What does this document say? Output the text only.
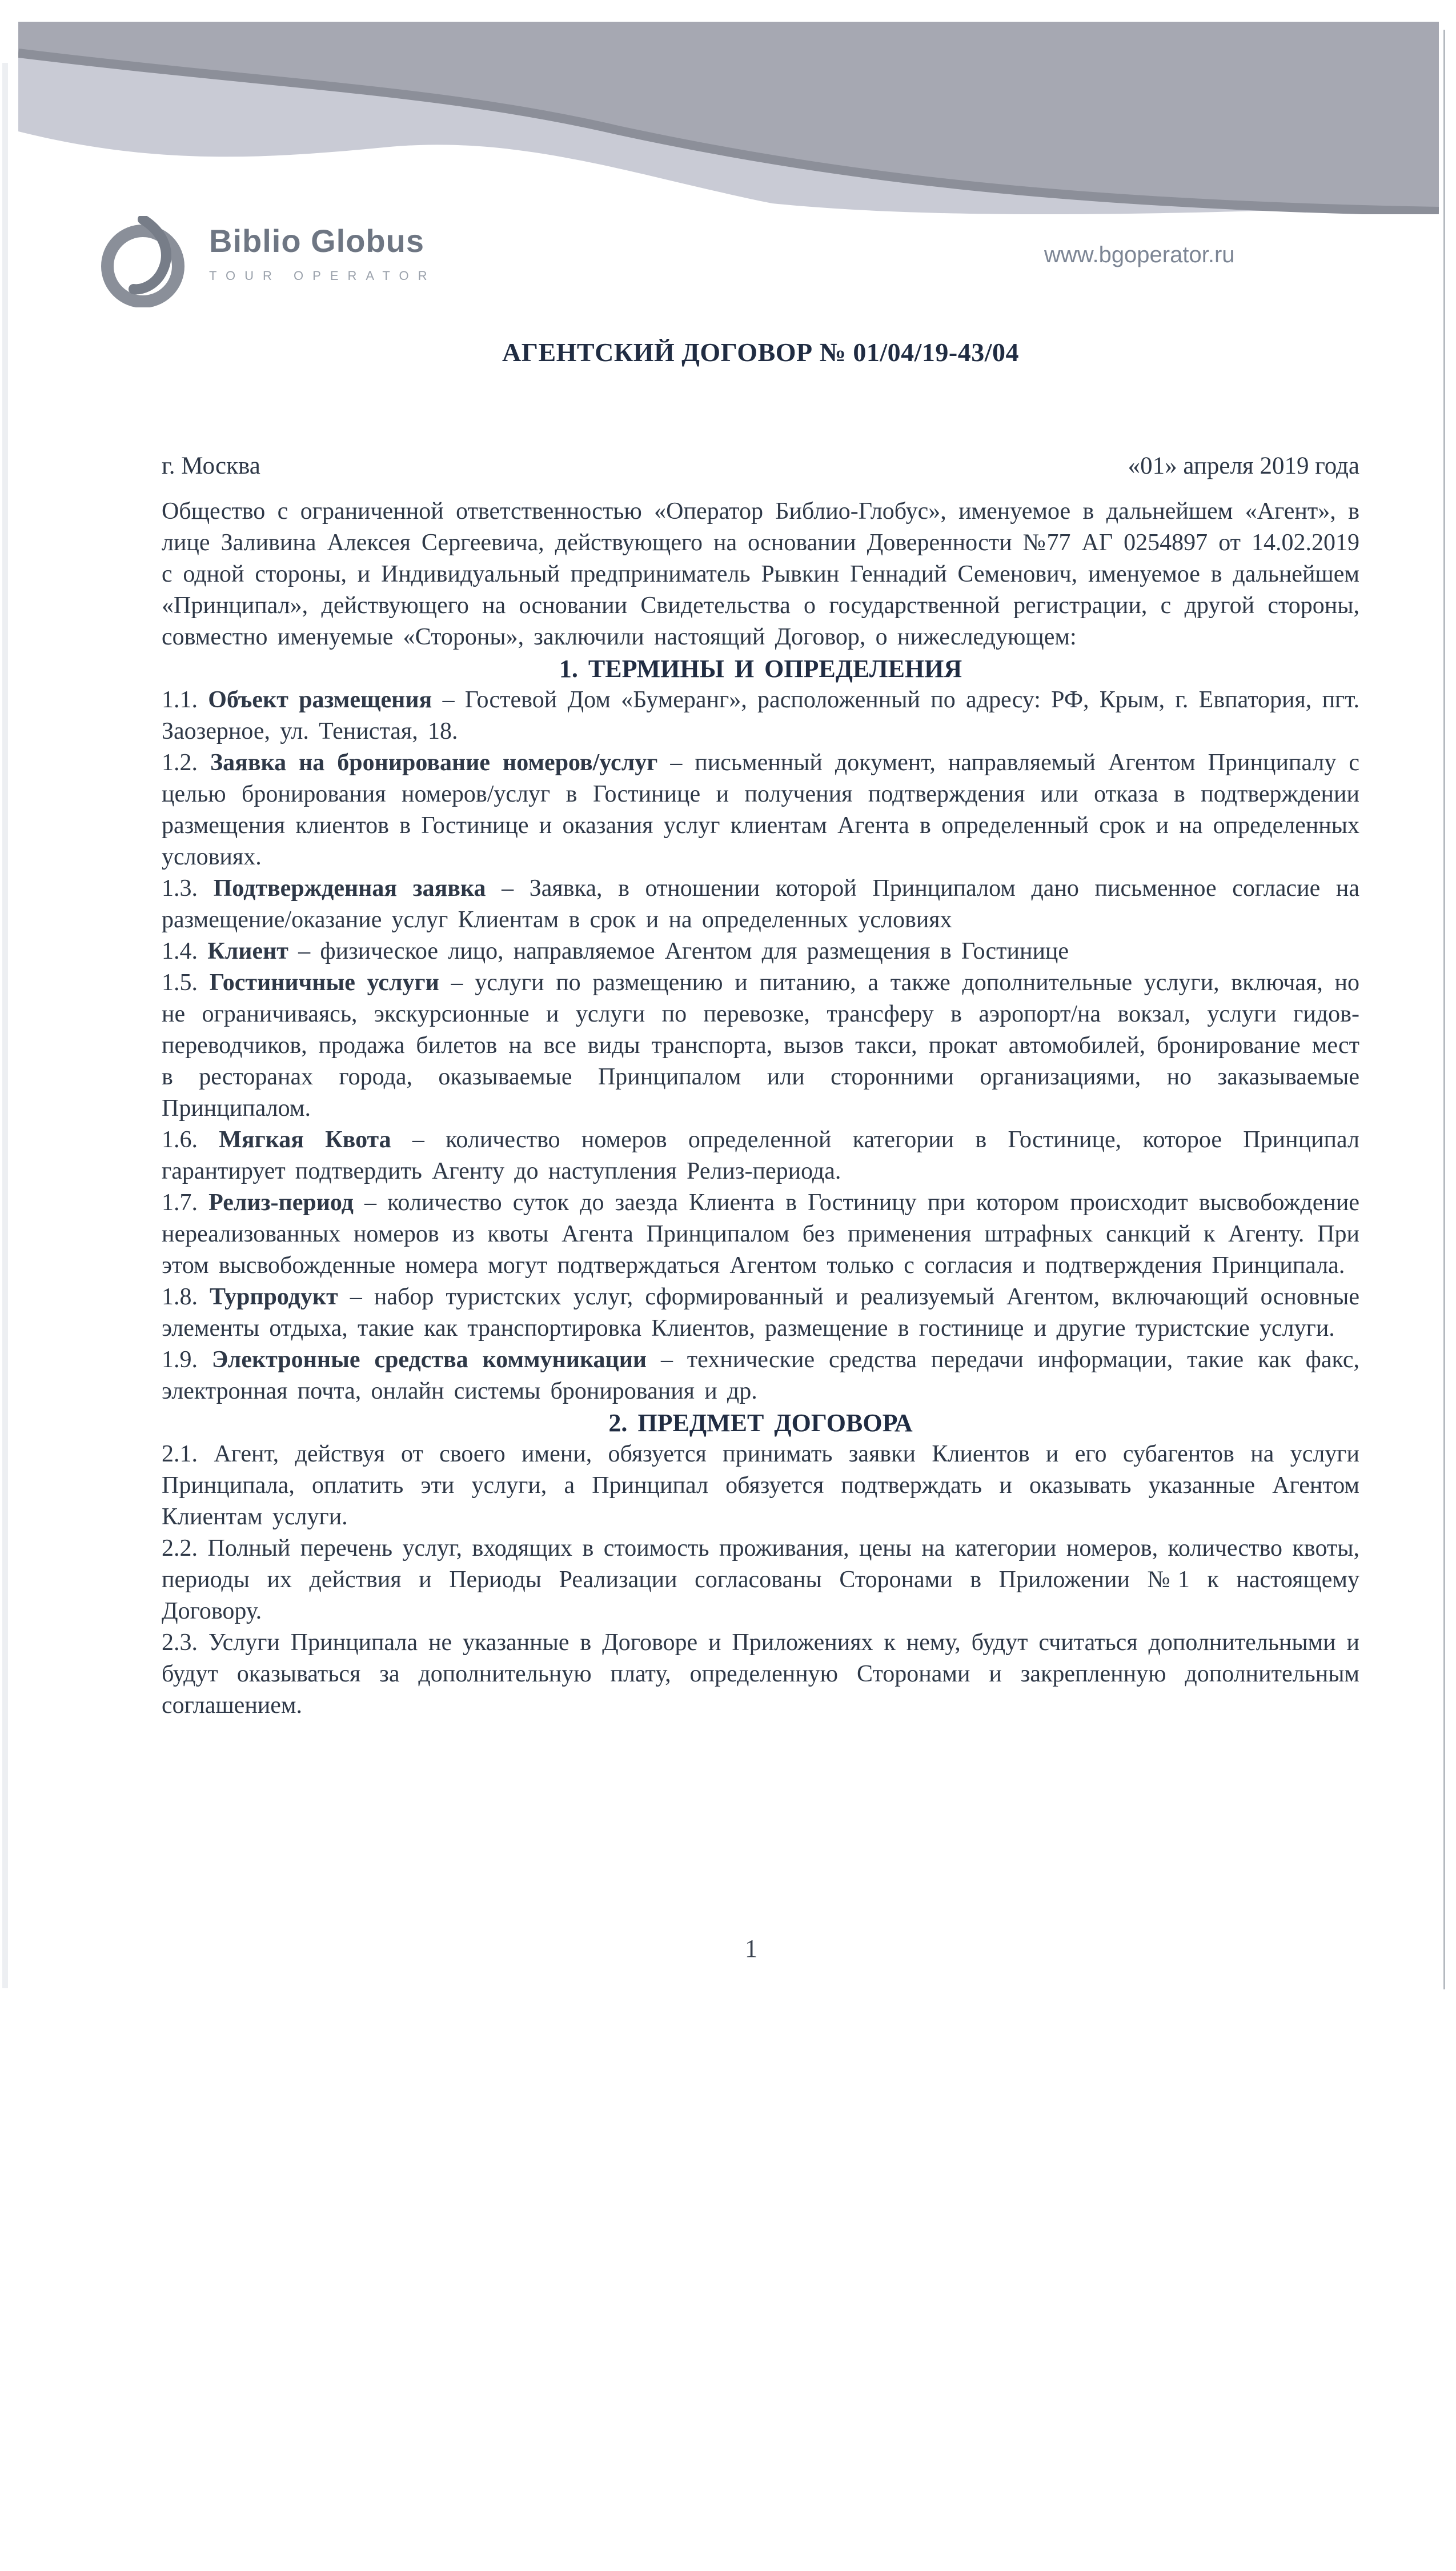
Biblio Globus
TOUR OPERATOR
www.bgoperator.ru
АГЕНТСКИЙ ДОГОВОР № 01/04/19-43/04
г. Москва	«01» апреля 2019 года

Общество с ограниченной ответственностью «Оператор Библио-Глобус», именуемое в дальнейшем «Агент», в лице Заливина Алексея Сергеевича, действующего на основании Доверенности №77 АГ 0254897 от 14.02.2019 с одной стороны, и Индивидуальный предприниматель Рывкин Геннадий Семенович, именуемое в дальнейшем «Принципал», действующего на основании Свидетельства о государственной регистрации, с другой стороны, совместно именуемые «Стороны», заключили настоящий Договор, о нижеследующем:

1. ТЕРМИНЫ И ОПРЕДЕЛЕНИЯ

1.1. Объект размещения – Гостевой Дом «Бумеранг», расположенный по адресу: РФ, Крым, г. Евпатория, пгт. Заозерное, ул. Тенистая, 18.

1.2. Заявка на бронирование номеров/услуг – письменный документ, направляемый Агентом Принципалу с целью бронирования номеров/услуг в Гостинице и получения подтверждения или отказа в подтверждении размещения клиентов в Гостинице и оказания услуг клиентам Агента в определенный срок и на определенных условиях.

1.3. Подтвержденная заявка – Заявка, в отношении которой Принципалом дано письменное согласие на размещение/оказание услуг Клиентам в срок и на определенных условиях

1.4. Клиент – физическое лицо, направляемое Агентом для размещения в Гостинице

1.5. Гостиничные услуги – услуги по размещению и питанию, а также дополнительные услуги, включая, но не ограничиваясь, экскурсионные и услуги по перевозке, трансферу в аэропорт/на вокзал, услуги гидов-переводчиков, продажа билетов на все виды транспорта, вызов такси, прокат автомобилей, бронирование мест в ресторанах города, оказываемые Принципалом или сторонними организациями, но заказываемые Принципалом.

1.6. Мягкая Квота – количество номеров определенной категории в Гостинице, которое Принципал гарантирует подтвердить Агенту до наступления Релиз-периода.

1.7. Релиз-период – количество суток до заезда Клиента в Гостиницу при котором происходит высвобождение нереализованных номеров из квоты Агента Принципалом без применения штрафных санкций к Агенту. При этом высвобожденные номера могут подтверждаться Агентом только с согласия и подтверждения Принципала.

1.8. Турпродукт – набор туристских услуг, сформированный и реализуемый Агентом, включающий основные элементы отдыха, такие как транспортировка Клиентов, размещение в гостинице и другие туристские услуги.

1.9. Электронные средства коммуникации – технические средства передачи информации, такие как факс, электронная почта, онлайн системы бронирования и др.

2. ПРЕДМЕТ ДОГОВОРА

2.1. Агент, действуя от своего имени, обязуется принимать заявки Клиентов и его субагентов на услуги Принципала, оплатить эти услуги, а Принципал обязуется подтверждать и оказывать указанные Агентом Клиентам услуги.

2.2. Полный перечень услуг, входящих в стоимость проживания, цены на категории номеров, количество квоты, периоды их действия и Периоды Реализации согласованы Сторонами в Приложении №1 к настоящему Договору.

2.3. Услуги Принципала не указанные в Договоре и Приложениях к нему, будут считаться дополнительными и будут оказываться за дополнительную плату, определенную Сторонами и закрепленную дополнительным соглашением.

1
